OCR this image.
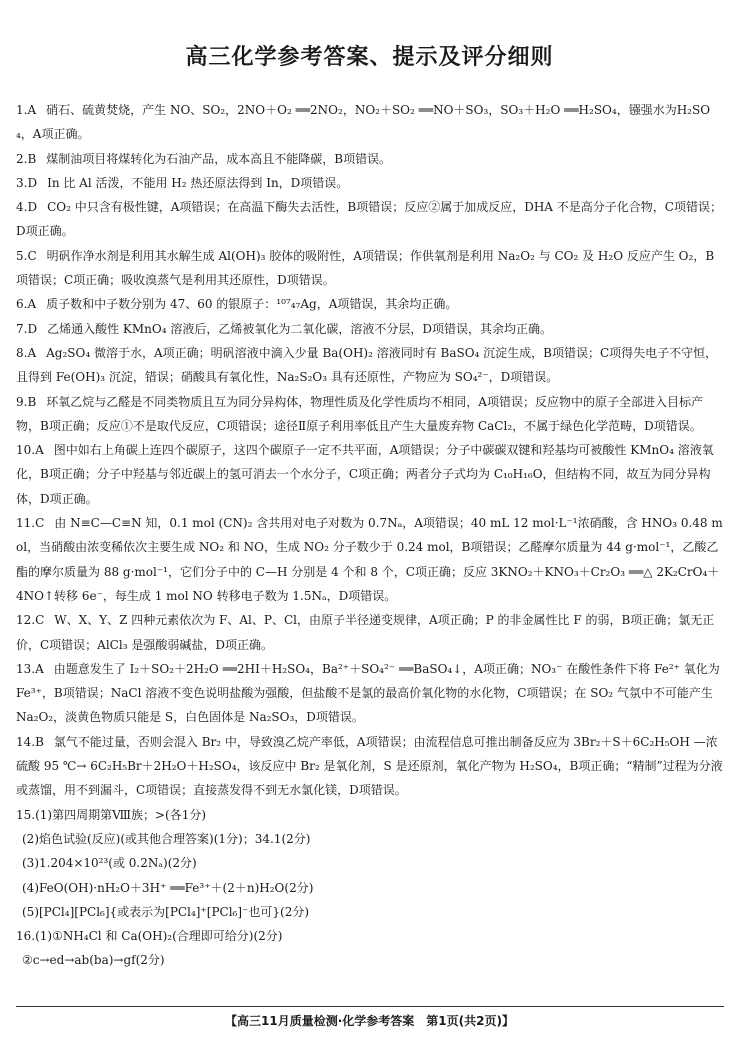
高三化学参考答案、提示及评分细则
1.A 硝石、硫黄焚烧，产生 NO、SO₂，2NO＋O₂ ══2NO₂，NO₂＋SO₂ ══NO＋SO₃，SO₃＋H₂O ══H₂SO₄，镪强水为H₂SO₄，A项正确。
2.B 煤制油项目将煤转化为石油产品，成本高且不能降碳，B项错误。
3.D In 比 Al 活泼，不能用 H₂ 热还原法得到 In，D项错误。
4.D CO₂ 中只含有极性键，A项错误；在高温下酶失去活性，B项错误；反应②属于加成反应，DHA 不是高分子化合物，C项错误；D项正确。
5.C 明矾作净水剂是利用其水解生成 Al(OH)₃ 胶体的吸附性，A项错误；作供氧剂是利用 Na₂O₂ 与 CO₂ 及 H₂O 反应产生 O₂，B项错误；C项正确；吸收溴蒸气是利用其还原性，D项错误。
6.A 质子数和中子数分别为 47、60 的银原子：¹⁰⁷₄₇Ag，A项错误，其余均正确。
7.D 乙烯通入酸性 KMnO₄ 溶液后，乙烯被氧化为二氧化碳，溶液不分层，D项错误，其余均正确。
8.A Ag₂SO₄ 微溶于水，A项正确；明矾溶液中滴入少量 Ba(OH)₂ 溶液同时有 BaSO₄ 沉淀生成，B项错误；C项得失电子不守恒，且得到 Fe(OH)₃ 沉淀，错误；硝酸具有氧化性，Na₂S₂O₃ 具有还原性，产物应为 SO₄²⁻，D项错误。
9.B 环氧乙烷与乙醛是不同类物质且互为同分异构体，物理性质及化学性质均不相同，A项错误；反应物中的原子全部进入目标产物，B项正确；反应①不是取代反应，C项错误；途径Ⅱ原子利用率低且产生大量废弃物 CaCl₂，不属于绿色化学范畴，D项错误。
10.A 图中如右上角碳上连四个碳原子，这四个碳原子一定不共平面，A项错误；分子中碳碳双键和羟基均可被酸性 KMnO₄ 溶液氧化，B项正确；分子中羟基与邻近碳上的氢可消去一个水分子，C项正确；两者分子式均为 C₁₀H₁₆O，但结构不同，故互为同分异构体，D项正确。
11.C 由 N≡C—C≡N 知，0.1 mol (CN)₂ 含共用对电子对数为 0.7Nₐ，A项错误；40 mL 12 mol·L⁻¹浓硝酸，含 HNO₃ 0.48 mol，当硝酸由浓变稀依次主要生成 NO₂ 和 NO，生成 NO₂ 分子数少于 0.24 mol，B项错误；乙醛摩尔质量为 44 g·mol⁻¹，乙酸乙酯的摩尔质量为 88 g·mol⁻¹，它们分子中的 C—H 分别是 4 个和 8 个，C项正确；反应 3KNO₂＋KNO₃＋Cr₂O₃ ══△ 2K₂CrO₄＋4NO↑转移 6e⁻，每生成 1 mol NO 转移电子数为 1.5Nₐ，D项错误。
12.C W、X、Y、Z 四种元素依次为 F、Al、P、Cl，由原子半径递变规律，A项正确；P 的非金属性比 F 的弱，B项正确；氯无正价，C项错误；AlCl₃ 是强酸弱碱盐，D项正确。
13.A 由题意发生了 I₂＋SO₂＋2H₂O ══2HI＋H₂SO₄，Ba²⁺＋SO₄²⁻ ══BaSO₄↓，A项正确；NO₃⁻ 在酸性条件下将 Fe²⁺ 氧化为 Fe³⁺，B项错误；NaCl 溶液不变色说明盐酸为强酸，但盐酸不是氯的最高价氧化物的水化物，C项错误；在 SO₂ 气氛中不可能产生 Na₂O₂，淡黄色物质只能是 S，白色固体是 Na₂SO₃，D项错误。
14.B 氯气不能过量，否则会混入 Br₂ 中，导致溴乙烷产率低，A项错误；由流程信息可推出制备反应为 3Br₂＋S＋6C₂H₅OH —浓硫酸 95 ℃→ 6C₂H₅Br＋2H₂O＋H₂SO₄，该反应中 Br₂ 是氧化剂，S 是还原剂，氧化产物为 H₂SO₄，B项正确；“精制”过程为分液或蒸馏，用不到漏斗，C项错误；直接蒸发得不到无水氯化镁，D项错误。
15.(1)第四周期第Ⅷ族；>(各1分)
(2)焰色试验(反应)(或其他合理答案)(1分)；34.1(2分)
(3)1.204×10²³(或 0.2Nₐ)(2分)
(4)FeO(OH)·nH₂O＋3H⁺ ══Fe³⁺＋(2＋n)H₂O(2分)
(5)[PCl₄][PCl₆]{或表示为[PCl₄]⁺[PCl₆]⁻也可}(2分)
16.(1)①NH₄Cl 和 Ca(OH)₂(合理即可给分)(2分)
②c→ed→ab(ba)→gf(2分)
【高三11月质量检测·化学参考答案　第1页(共2页)】
